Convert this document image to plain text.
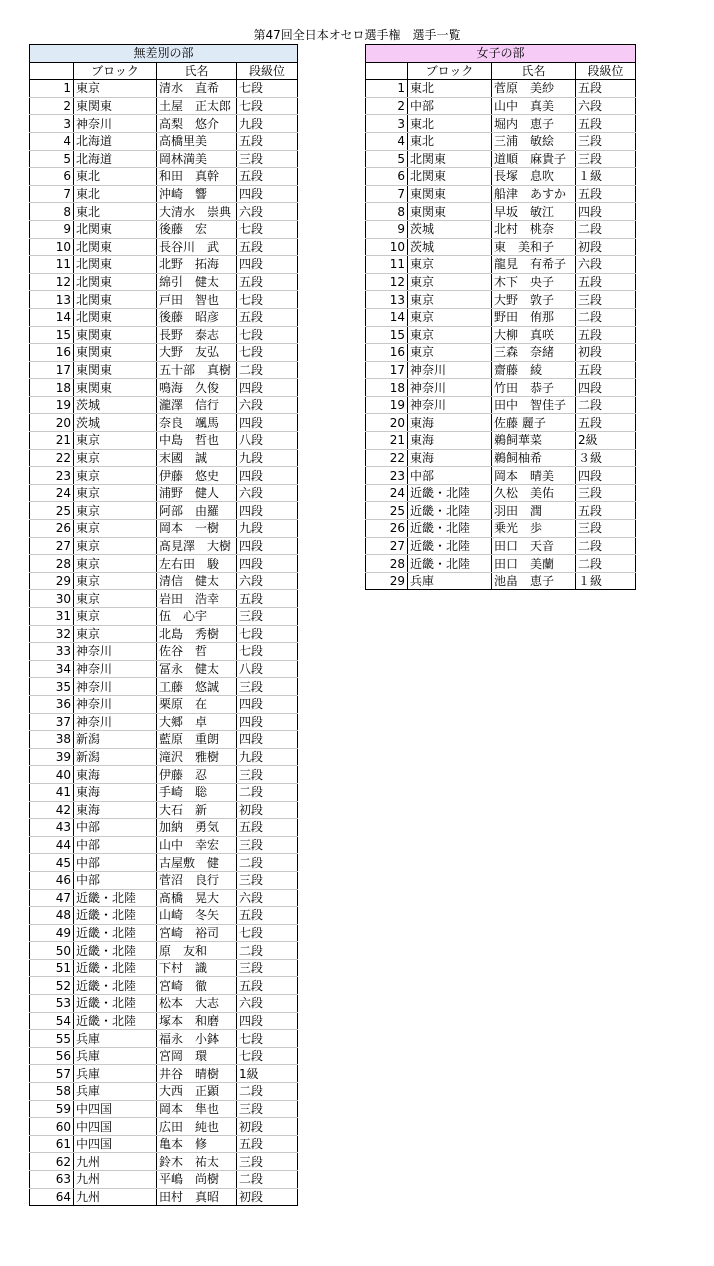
第47回全日本オセロ選手権　選手一覧
無差別の部			
	ブロック	氏名	段級位
1	東京	清水　直希	七段
2	東関東	土屋　正太郎	七段
3	神奈川	高梨　悠介	九段
4	北海道	高橋里美	五段
5	北海道	岡林満美	三段
6	東北	和田　真幹	五段
7	東北	沖崎　響	四段
8	東北	大清水　崇典	六段
9	北関東	後藤　宏	七段
10	北関東	長谷川　武	五段
11	北関東	北野　拓海	四段
12	北関東	綿引　健太	五段
13	北関東	戸田　智也	七段
14	北関東	後藤　昭彦	五段
15	東関東	長野　泰志	七段
16	東関東	大野　友弘	七段
17	東関東	五十部　真樹	二段
18	東関東	鳴海　久俊	四段
19	茨城	瀧澤　信行	六段
20	茨城	奈良　颯馬	四段
21	東京	中島　哲也	八段
22	東京	末國　誠	九段
23	東京	伊藤　悠史	四段
24	東京	浦野　健人	六段
25	東京	阿部　由羅	四段
26	東京	岡本　一樹	九段
27	東京	髙見澤　大樹	四段
28	東京	左右田　駿	四段
29	東京	清信　健太	六段
30	東京	岩田　浩幸	五段
31	東京	伍　心宇	三段
32	東京	北島　秀樹	七段
33	神奈川	佐谷　哲	七段
34	神奈川	冨永　健太	八段
35	神奈川	工藤　悠誠	三段
36	神奈川	栗原　在	四段
37	神奈川	大郷　卓	四段
38	新潟	藍原　重朗	四段
39	新潟	滝沢　雅樹	九段
40	東海	伊藤　忍	三段
41	東海	手崎　聡	二段
42	東海	大石　新	初段
43	中部	加納　勇気	五段
44	中部	山中　幸宏	三段
45	中部	古屋敷　健	二段
46	中部	菅沼　良行	三段
47	近畿・北陸	髙橋　晃大	六段
48	近畿・北陸	山崎　冬矢	五段
49	近畿・北陸	宮崎　裕司	七段
50	近畿・北陸	原　友和	二段
51	近畿・北陸	下村　識	三段
52	近畿・北陸	宮崎　徹	五段
53	近畿・北陸	松本　大志	六段
54	近畿・北陸	塚本　和磨	四段
55	兵庫	福永　小鉢	七段
56	兵庫	宮岡　環	七段
57	兵庫	井谷　晴樹	1級
58	兵庫	大西　正顕	二段
59	中四国	岡本　隼也	三段
60	中四国	広田　純也	初段
61	中四国	亀本　修	五段
62	九州	鈴木　祐太	三段
63	九州	平嶋　尚樹	二段
64	九州	田村　真昭	初段
女子の部			
	ブロック	氏名	段級位
1	東北	菅原　美紗	五段
2	中部	山中　真美	六段
3	東北	堀内　恵子	五段
4	東北	三浦　敏絵	三段
5	北関東	道順　麻貴子	三段
6	北関東	長塚　息吹	１級
7	東関東	船津　あすか	五段
8	東関東	早坂　敏江	四段
9	茨城	北村　桃奈	二段
10	茨城	東　美和子	初段
11	東京	龍見　有希子	六段
12	東京	木下　央子	五段
13	東京	大野　敦子	三段
14	東京	野田　侑那	二段
15	東京	大柳　真咲	五段
16	東京	三森　奈緒	初段
17	神奈川	齋藤　綾	五段
18	神奈川	竹田　恭子	四段
19	神奈川	田中　智佳子	二段
20	東海	佐藤 麗子	五段
21	東海	鵜飼華菜	2級
22	東海	鵜飼柚希	３級
23	中部	岡本　晴美	四段
24	近畿・北陸	久松　美佑	三段
25	近畿・北陸	羽田　潤	五段
26	近畿・北陸	乗光　歩	三段
27	近畿・北陸	田口　天音	二段
28	近畿・北陸	田口　美蘭	二段
29	兵庫	池畠　恵子	１級
